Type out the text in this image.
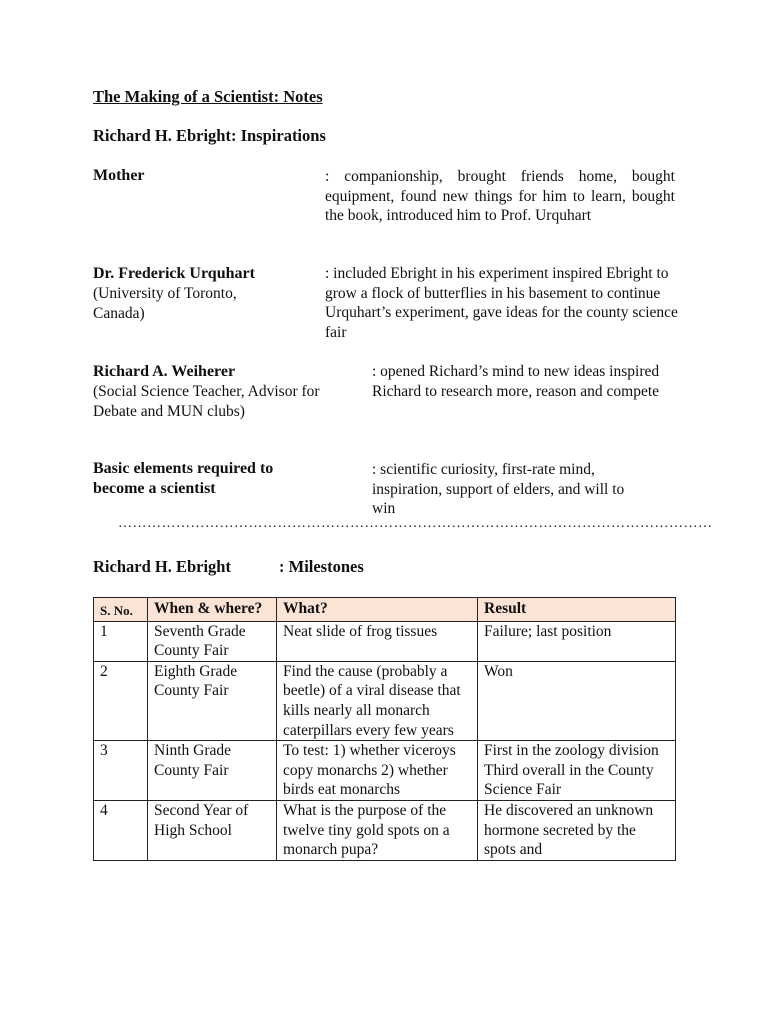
The Making of a Scientist: Notes
Richard H. Ebright: Inspirations
Mother	: companionship, brought friends home, bought equipment, found new things for him to learn, bought the book, introduced him to Prof. Urquhart
Dr. Frederick Urquhart
(University of Toronto, Canada)
: included Ebright in his experiment inspired Ebright to grow a flock of butterflies in his basement to continue Urquhart’s experiment, gave ideas for the county science fair
Richard A. Weiherer
(Social Science Teacher, Advisor for Debate and MUN clubs)
: opened Richard’s mind to new ideas inspired Richard to research more, reason and compete
Basic elements required to become a scientist
: scientific curiosity, first-rate mind, inspiration, support of elders, and will to win
……………………………………………………………………………………………………………
Richard H. Ebright	: Milestones
S. No.	When & where?	What?	Result
1	Seventh Grade County Fair	Neat slide of frog tissues	Failure; last position
2	Eighth Grade County Fair	Find the cause (probably a beetle) of a viral disease that kills nearly all monarch caterpillars every few years	Won
3	Ninth Grade County Fair	To test: 1) whether viceroys copy monarchs 2) whether birds eat monarchs	First in the zoology division Third overall in the County Science Fair
4	Second Year of High School	What is the purpose of the twelve tiny gold spots on a monarch pupa?	He discovered an unknown hormone secreted by the spots and
